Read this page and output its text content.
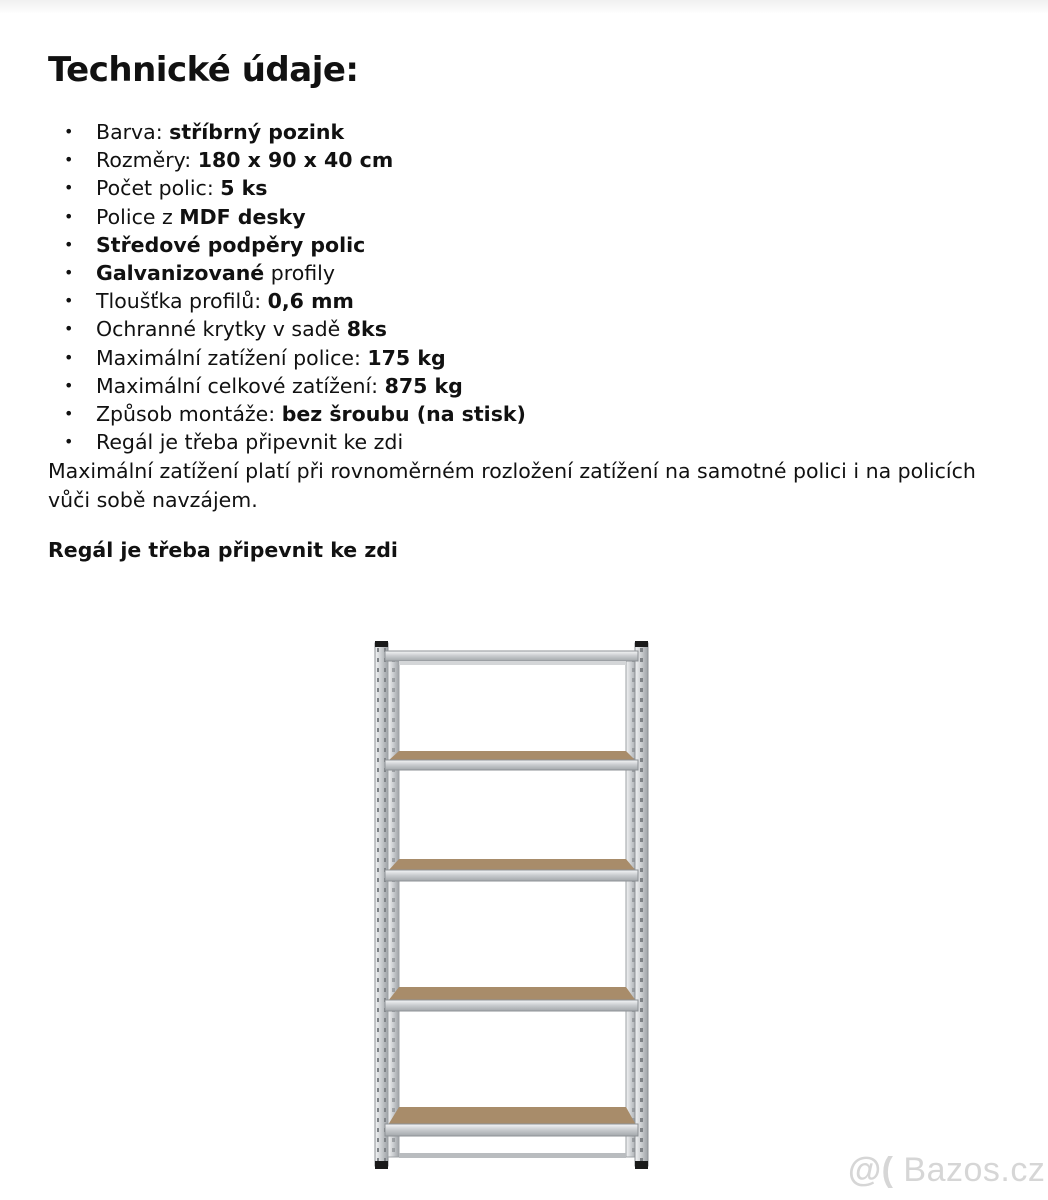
Technické údaje:
• Barva: stříbrný pozink
• Rozměry: 180 x 90 x 40 cm
• Počet polic: 5 ks
• Police z MDF desky
• Středové podpěry polic
• Galvanizované profily
• Tloušťka profilů: 0,6 mm
• Ochranné krytky v sadě 8ks
• Maximální zatížení police: 175 kg
• Maximální celkové zatížení: 875 kg
• Způsob montáže: bez šroubu (na stisk)
• Regál je třeba připevnit ke zdi

Maximální zatížení platí při rovnoměrném rozložení zatížení na samotné polici i na policích vůči sobě navzájem.

Regál je třeba připevnit ke zdi
@( Bazos.cz
